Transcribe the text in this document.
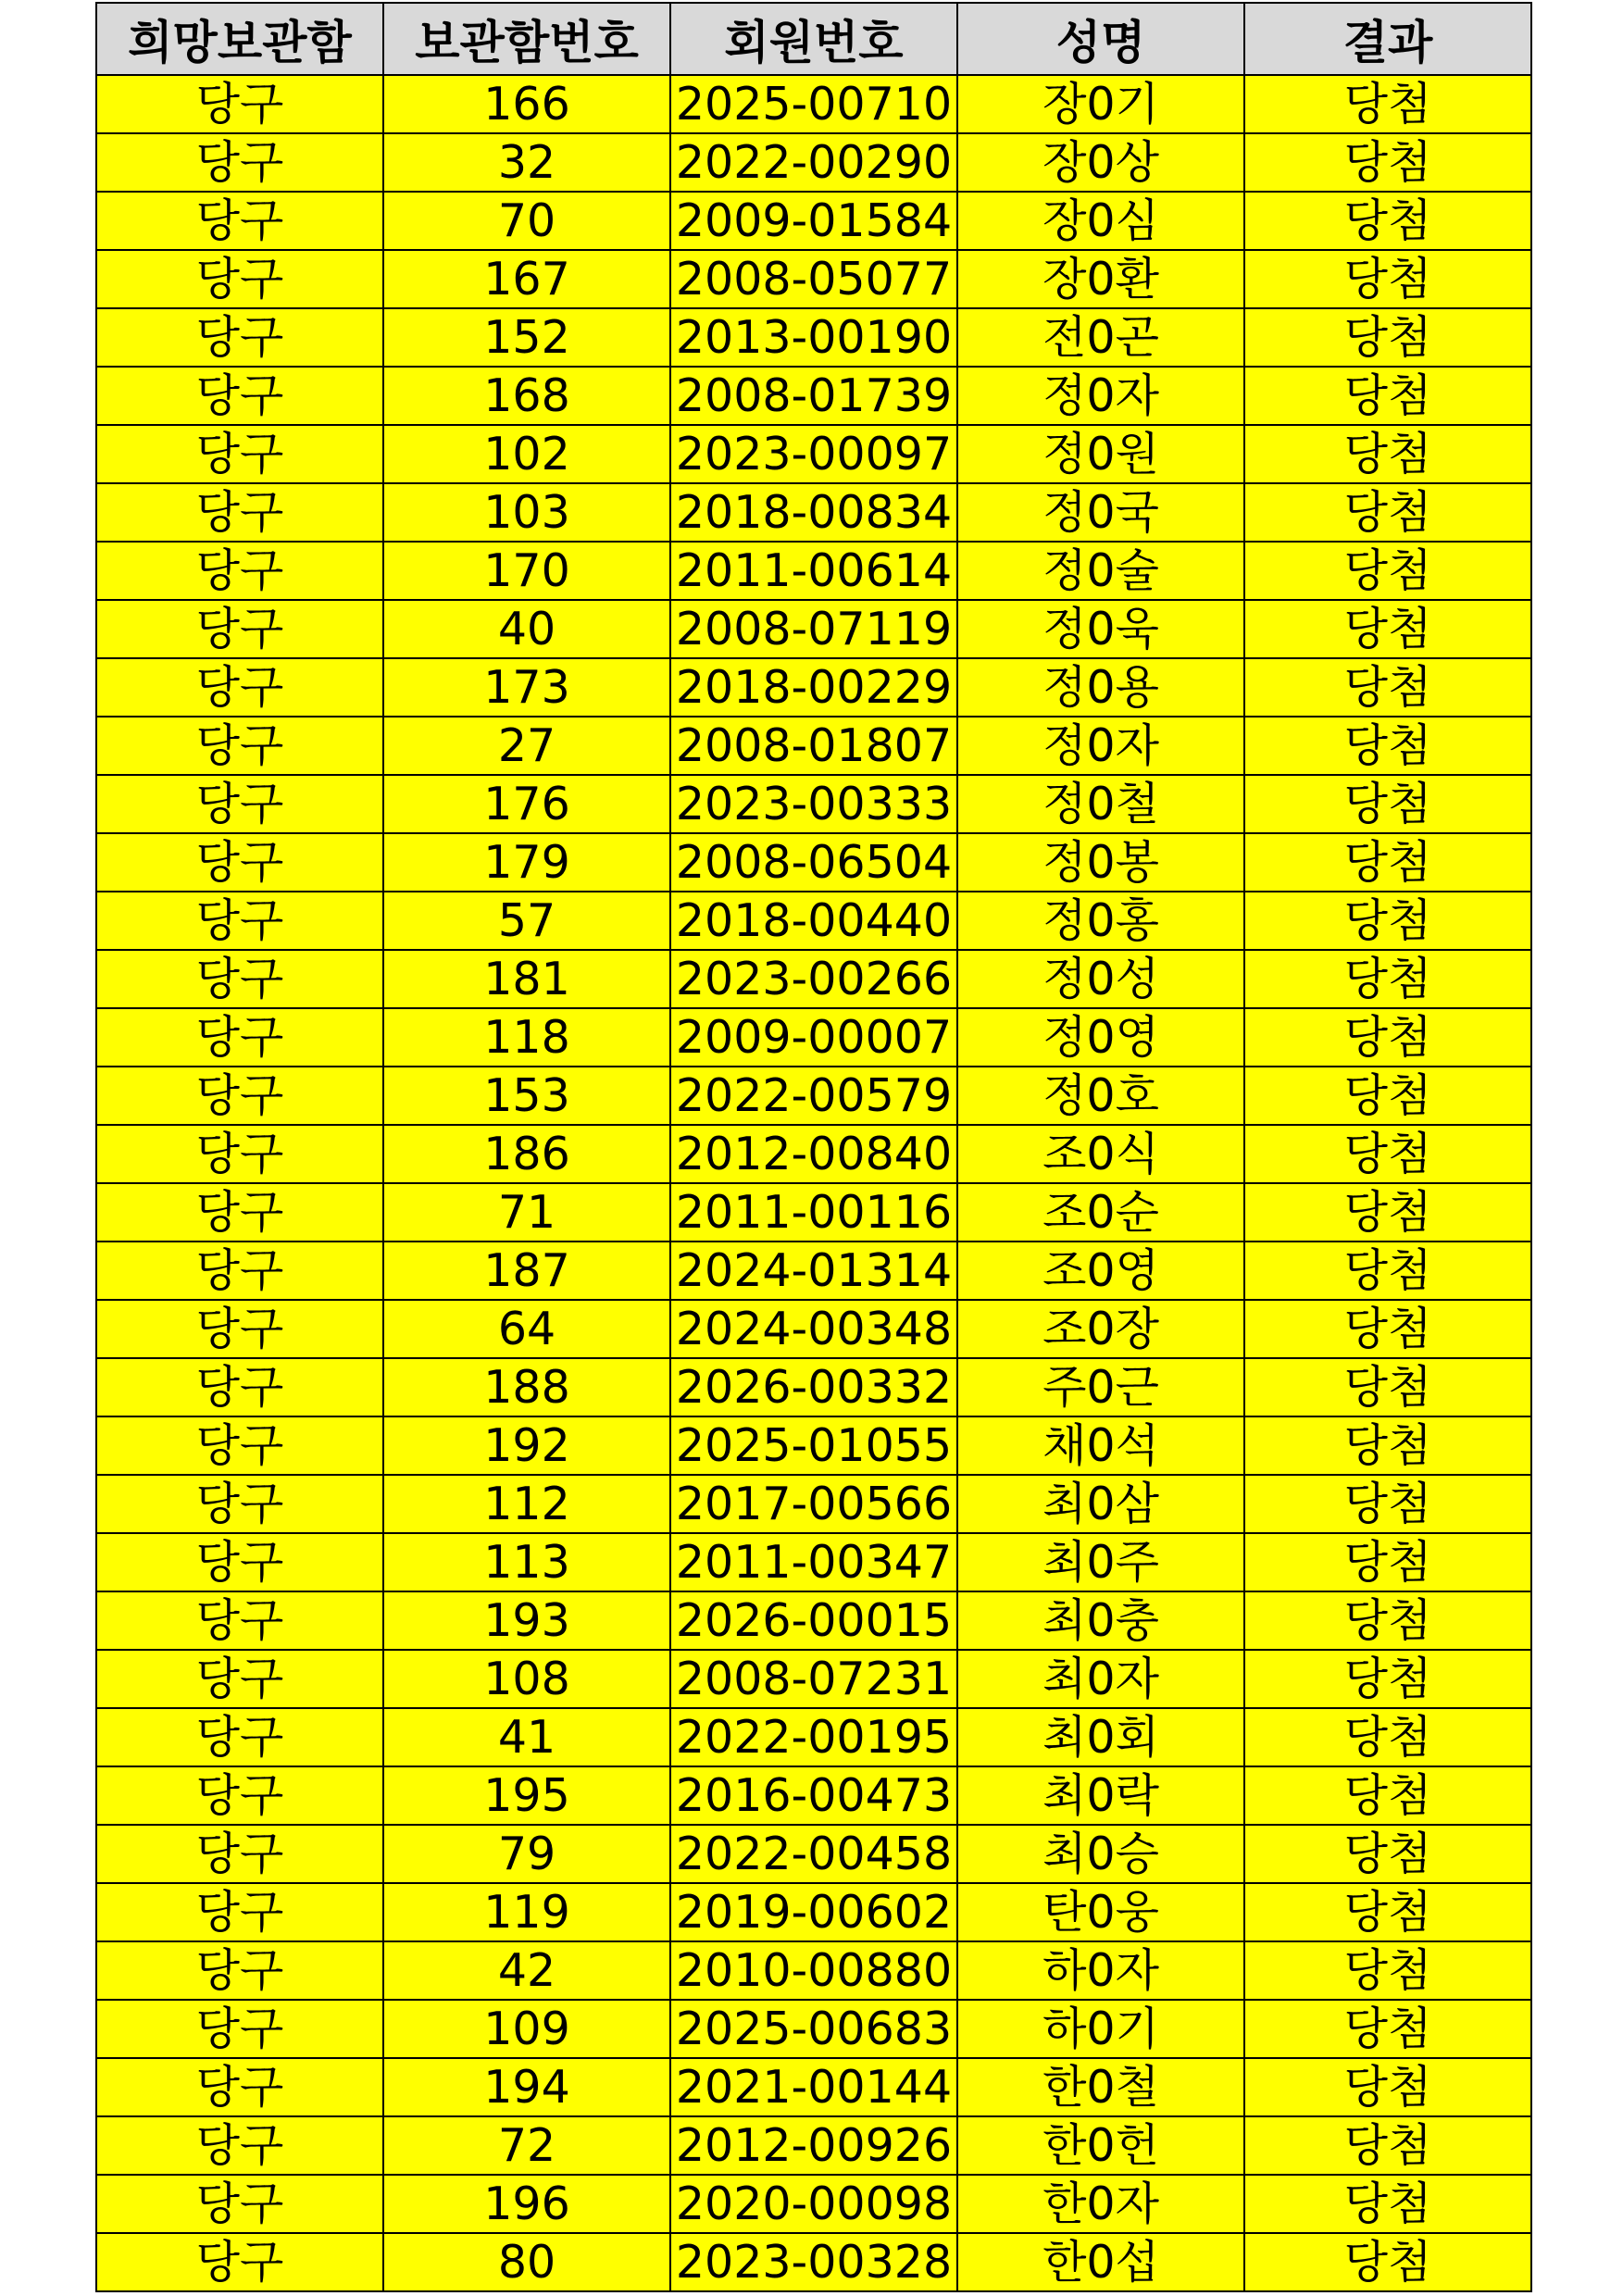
희망보관함	보관함번호	회원번호	성명	결과
당구	166	2025-00710	장0기	당첨
당구	32	2022-00290	장0상	당첨
당구	70	2009-01584	장0심	당첨
당구	167	2008-05077	장0환	당첨
당구	152	2013-00190	전0곤	당첨
당구	168	2008-01739	정0자	당첨
당구	102	2023-00097	정0원	당첨
당구	103	2018-00834	정0국	당첨
당구	170	2011-00614	정0술	당첨
당구	40	2008-07119	정0욱	당첨
당구	173	2018-00229	정0용	당첨
당구	27	2008-01807	정0자	당첨
당구	176	2023-00333	정0철	당첨
당구	179	2008-06504	정0봉	당첨
당구	57	2018-00440	정0홍	당첨
당구	181	2023-00266	정0성	당첨
당구	118	2009-00007	정0영	당첨
당구	153	2022-00579	정0호	당첨
당구	186	2012-00840	조0식	당첨
당구	71	2011-00116	조0순	당첨
당구	187	2024-01314	조0영	당첨
당구	64	2024-00348	조0장	당첨
당구	188	2026-00332	주0근	당첨
당구	192	2025-01055	채0석	당첨
당구	112	2017-00566	최0삼	당첨
당구	113	2011-00347	최0주	당첨
당구	193	2026-00015	최0충	당첨
당구	108	2008-07231	최0자	당첨
당구	41	2022-00195	최0회	당첨
당구	195	2016-00473	최0락	당첨
당구	79	2022-00458	최0승	당첨
당구	119	2019-00602	탄0웅	당첨
당구	42	2010-00880	하0자	당첨
당구	109	2025-00683	하0기	당첨
당구	194	2021-00144	한0철	당첨
당구	72	2012-00926	한0헌	당첨
당구	196	2020-00098	한0자	당첨
당구	80	2023-00328	한0섭	당첨
